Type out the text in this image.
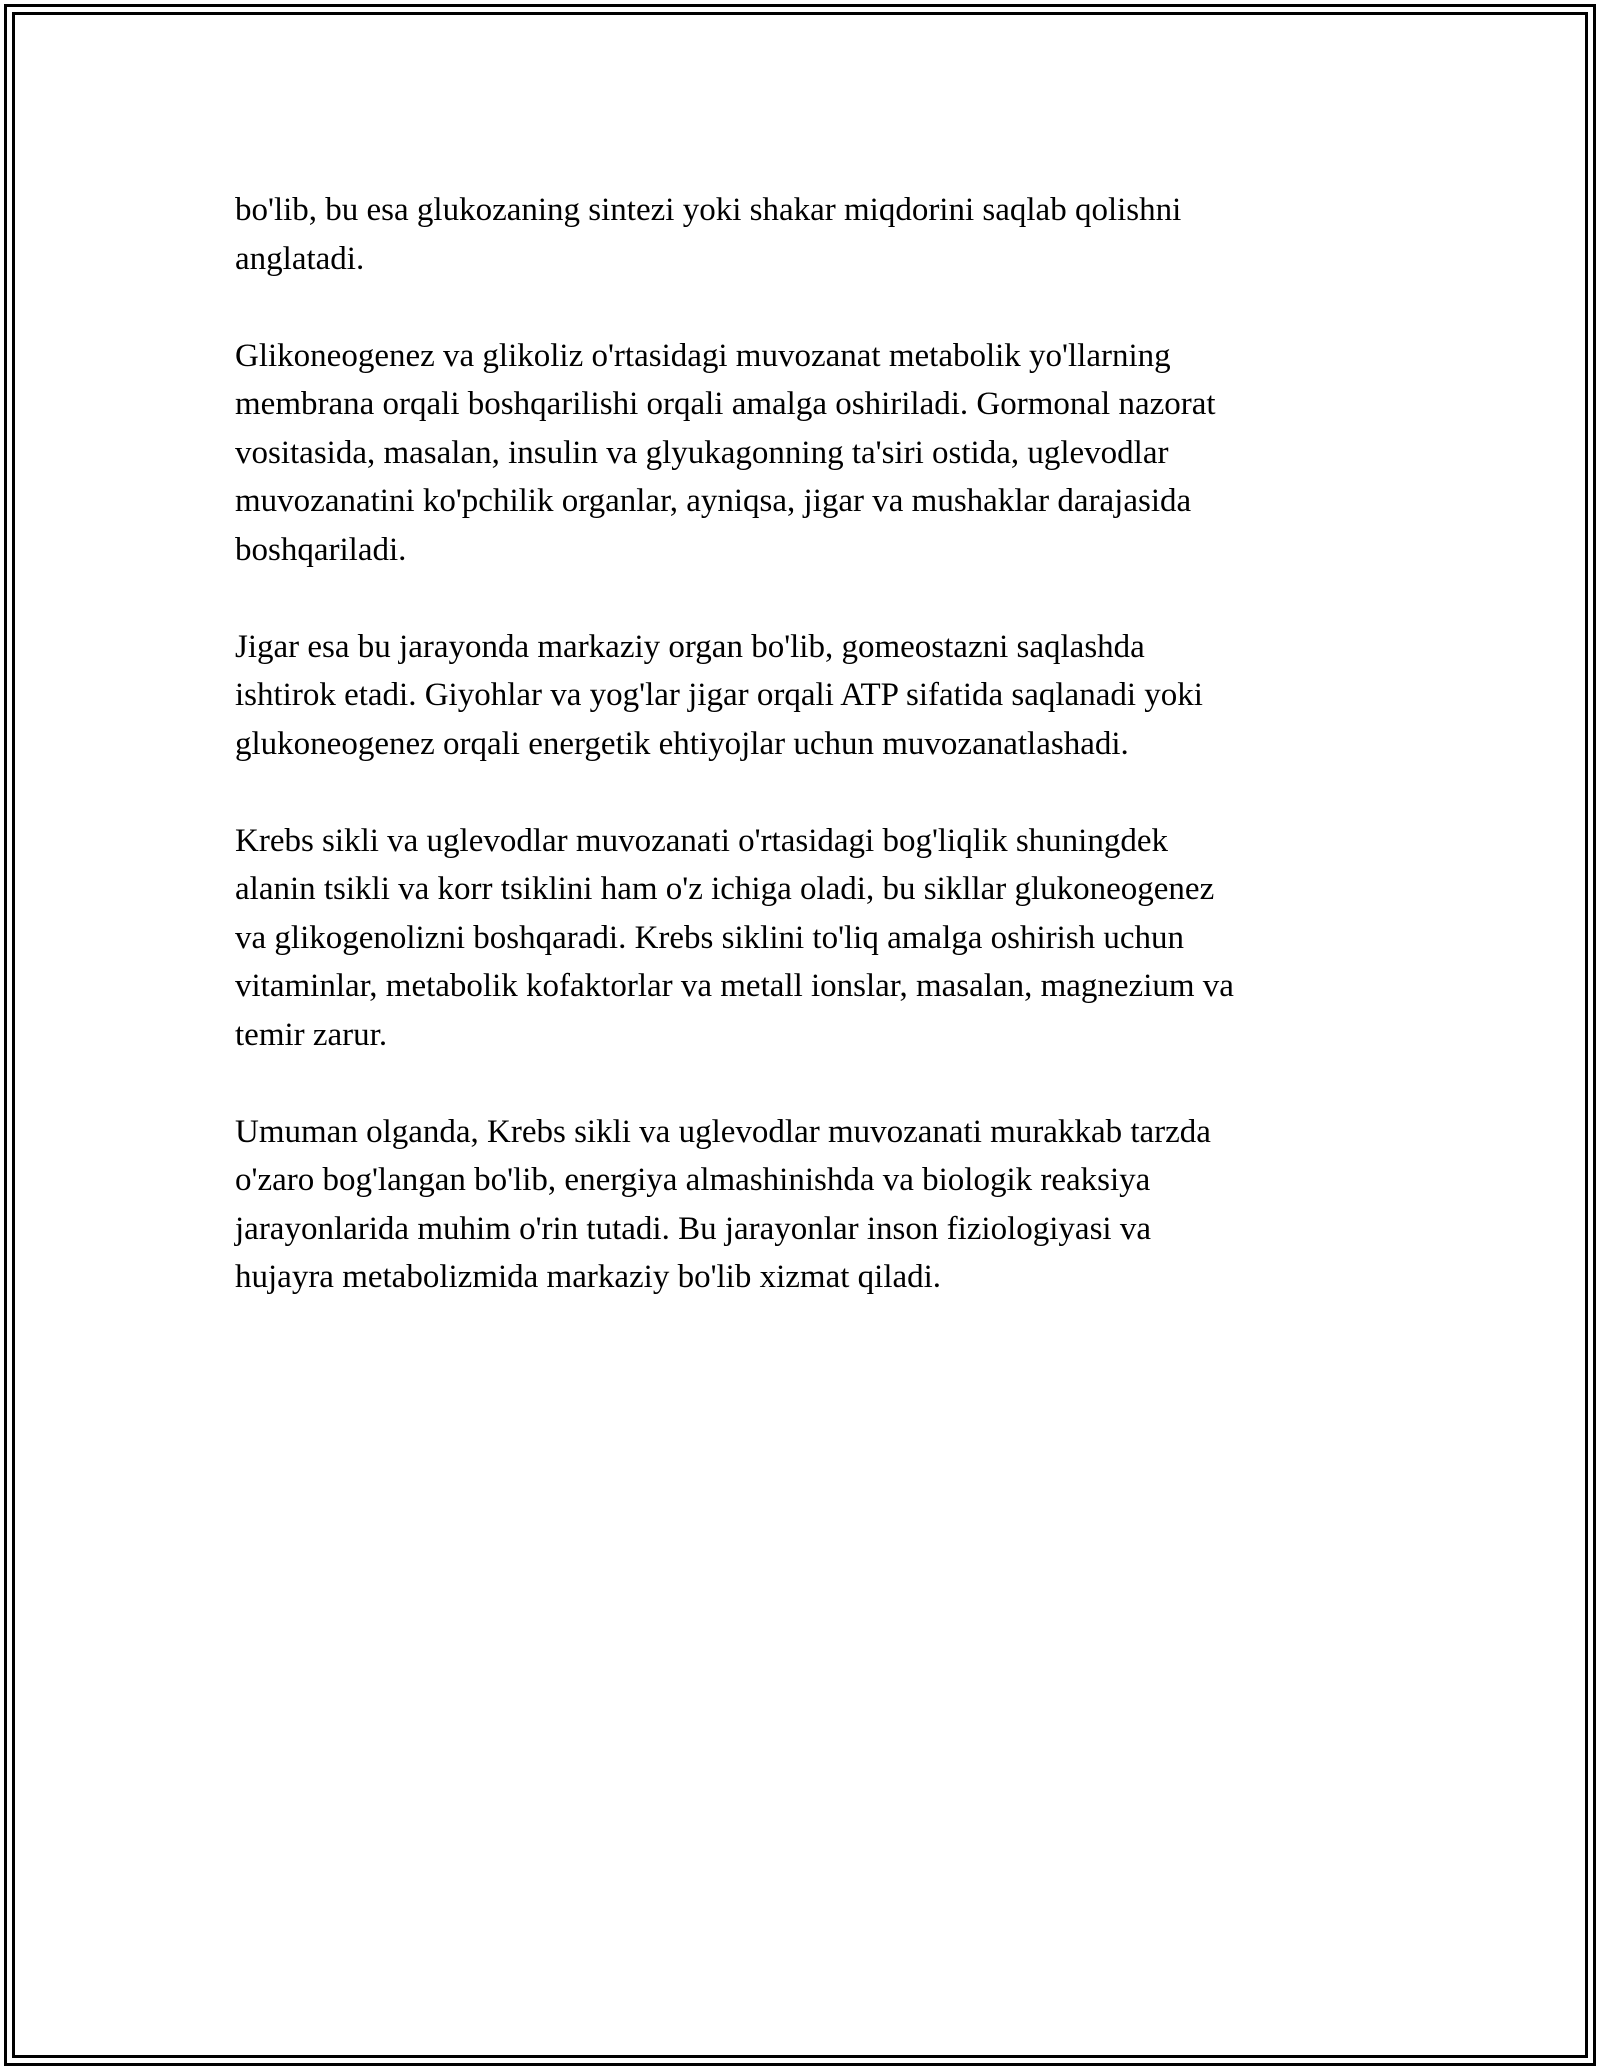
bo'lib, bu esa glukozaning sintezi yoki shakar miqdorini saqlab qolishni
anglatadi.

Glikoneogenez va glikoliz o'rtasidagi muvozanat metabolik yo'llarning
membrana orqali boshqarilishi orqali amalga oshiriladi. Gormonal nazorat
vositasida, masalan, insulin va glyukagonning ta'siri ostida, uglevodlar
muvozanatini ko'pchilik organlar, ayniqsa, jigar va mushaklar darajasida
boshqariladi.

Jigar esa bu jarayonda markaziy organ bo'lib, gomeostazni saqlashda
ishtirok etadi. Giyohlar va yog'lar jigar orqali ATP sifatida saqlanadi yoki
glukoneogenez orqali energetik ehtiyojlar uchun muvozanatlashadi.

Krebs sikli va uglevodlar muvozanati o'rtasidagi bog'liqlik shuningdek
alanin tsikli va korr tsiklini ham o'z ichiga oladi, bu sikllar glukoneogenez
va glikogenolizni boshqaradi. Krebs siklini to'liq amalga oshirish uchun
vitaminlar, metabolik kofaktorlar va metall ionslar, masalan, magnezium va
temir zarur.

Umuman olganda, Krebs sikli va uglevodlar muvozanati murakkab tarzda
o'zaro bog'langan bo'lib, energiya almashinishda va biologik reaksiya
jarayonlarida muhim o'rin tutadi. Bu jarayonlar inson fiziologiyasi va
hujayra metabolizmida markaziy bo'lib xizmat qiladi.
